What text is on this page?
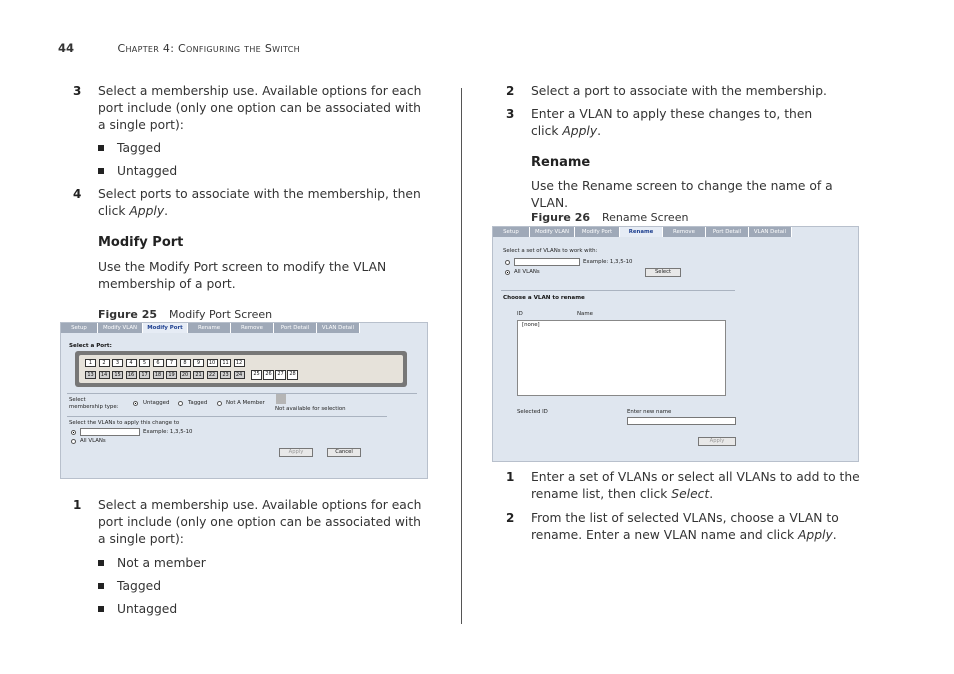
44	Chapter 4: Configuring the Switch
3 Select a membership use. Available options for each port include (only one option can be associated with a single port):
Tagged
Untagged
4 Select ports to associate with the membership, then click Apply.
Modify Port
Use the Modify Port screen to modify the VLAN membership of a port.
Figure 25 Modify Port Screen
Setup	Modify VLAN	Modify Port	Rename	Remove	Port Detail	VLAN Detail
Select a Port:
1	2	3	4	5	6	7	8	9	10	11	12
13	14	15	16	17	18	19	20	21	22	23	24	25	26	27	28
Select
membership type:
Untagged	Tagged	Not A Member
Not available for selection
Select the VLANs to apply this change to
Example: 1,3,5-10
All VLANs
Apply	Cancel
1 Select a membership use. Available options for each port include (only one option can be associated with a single port):
Not a member
Tagged
Untagged
2 Select a port to associate with the membership.
3 Enter a VLAN to apply these changes to, then click Apply.
Rename
Use the Rename screen to change the name of a VLAN.
Figure 26 Rename Screen
Setup	Modify VLAN	Modify Port	Rename	Remove	Port Detail	VLAN Detail
Select a set of VLANs to work with:
Example: 1,3,5-10
All VLANs	Select
Choose a VLAN to rename
ID	Name
[none]
Selected ID	Enter new name
Apply
1 Enter a set of VLANs or select all VLANs to add to the rename list, then click Select.
2 From the list of selected VLANs, choose a VLAN to rename. Enter a new VLAN name and click Apply.
